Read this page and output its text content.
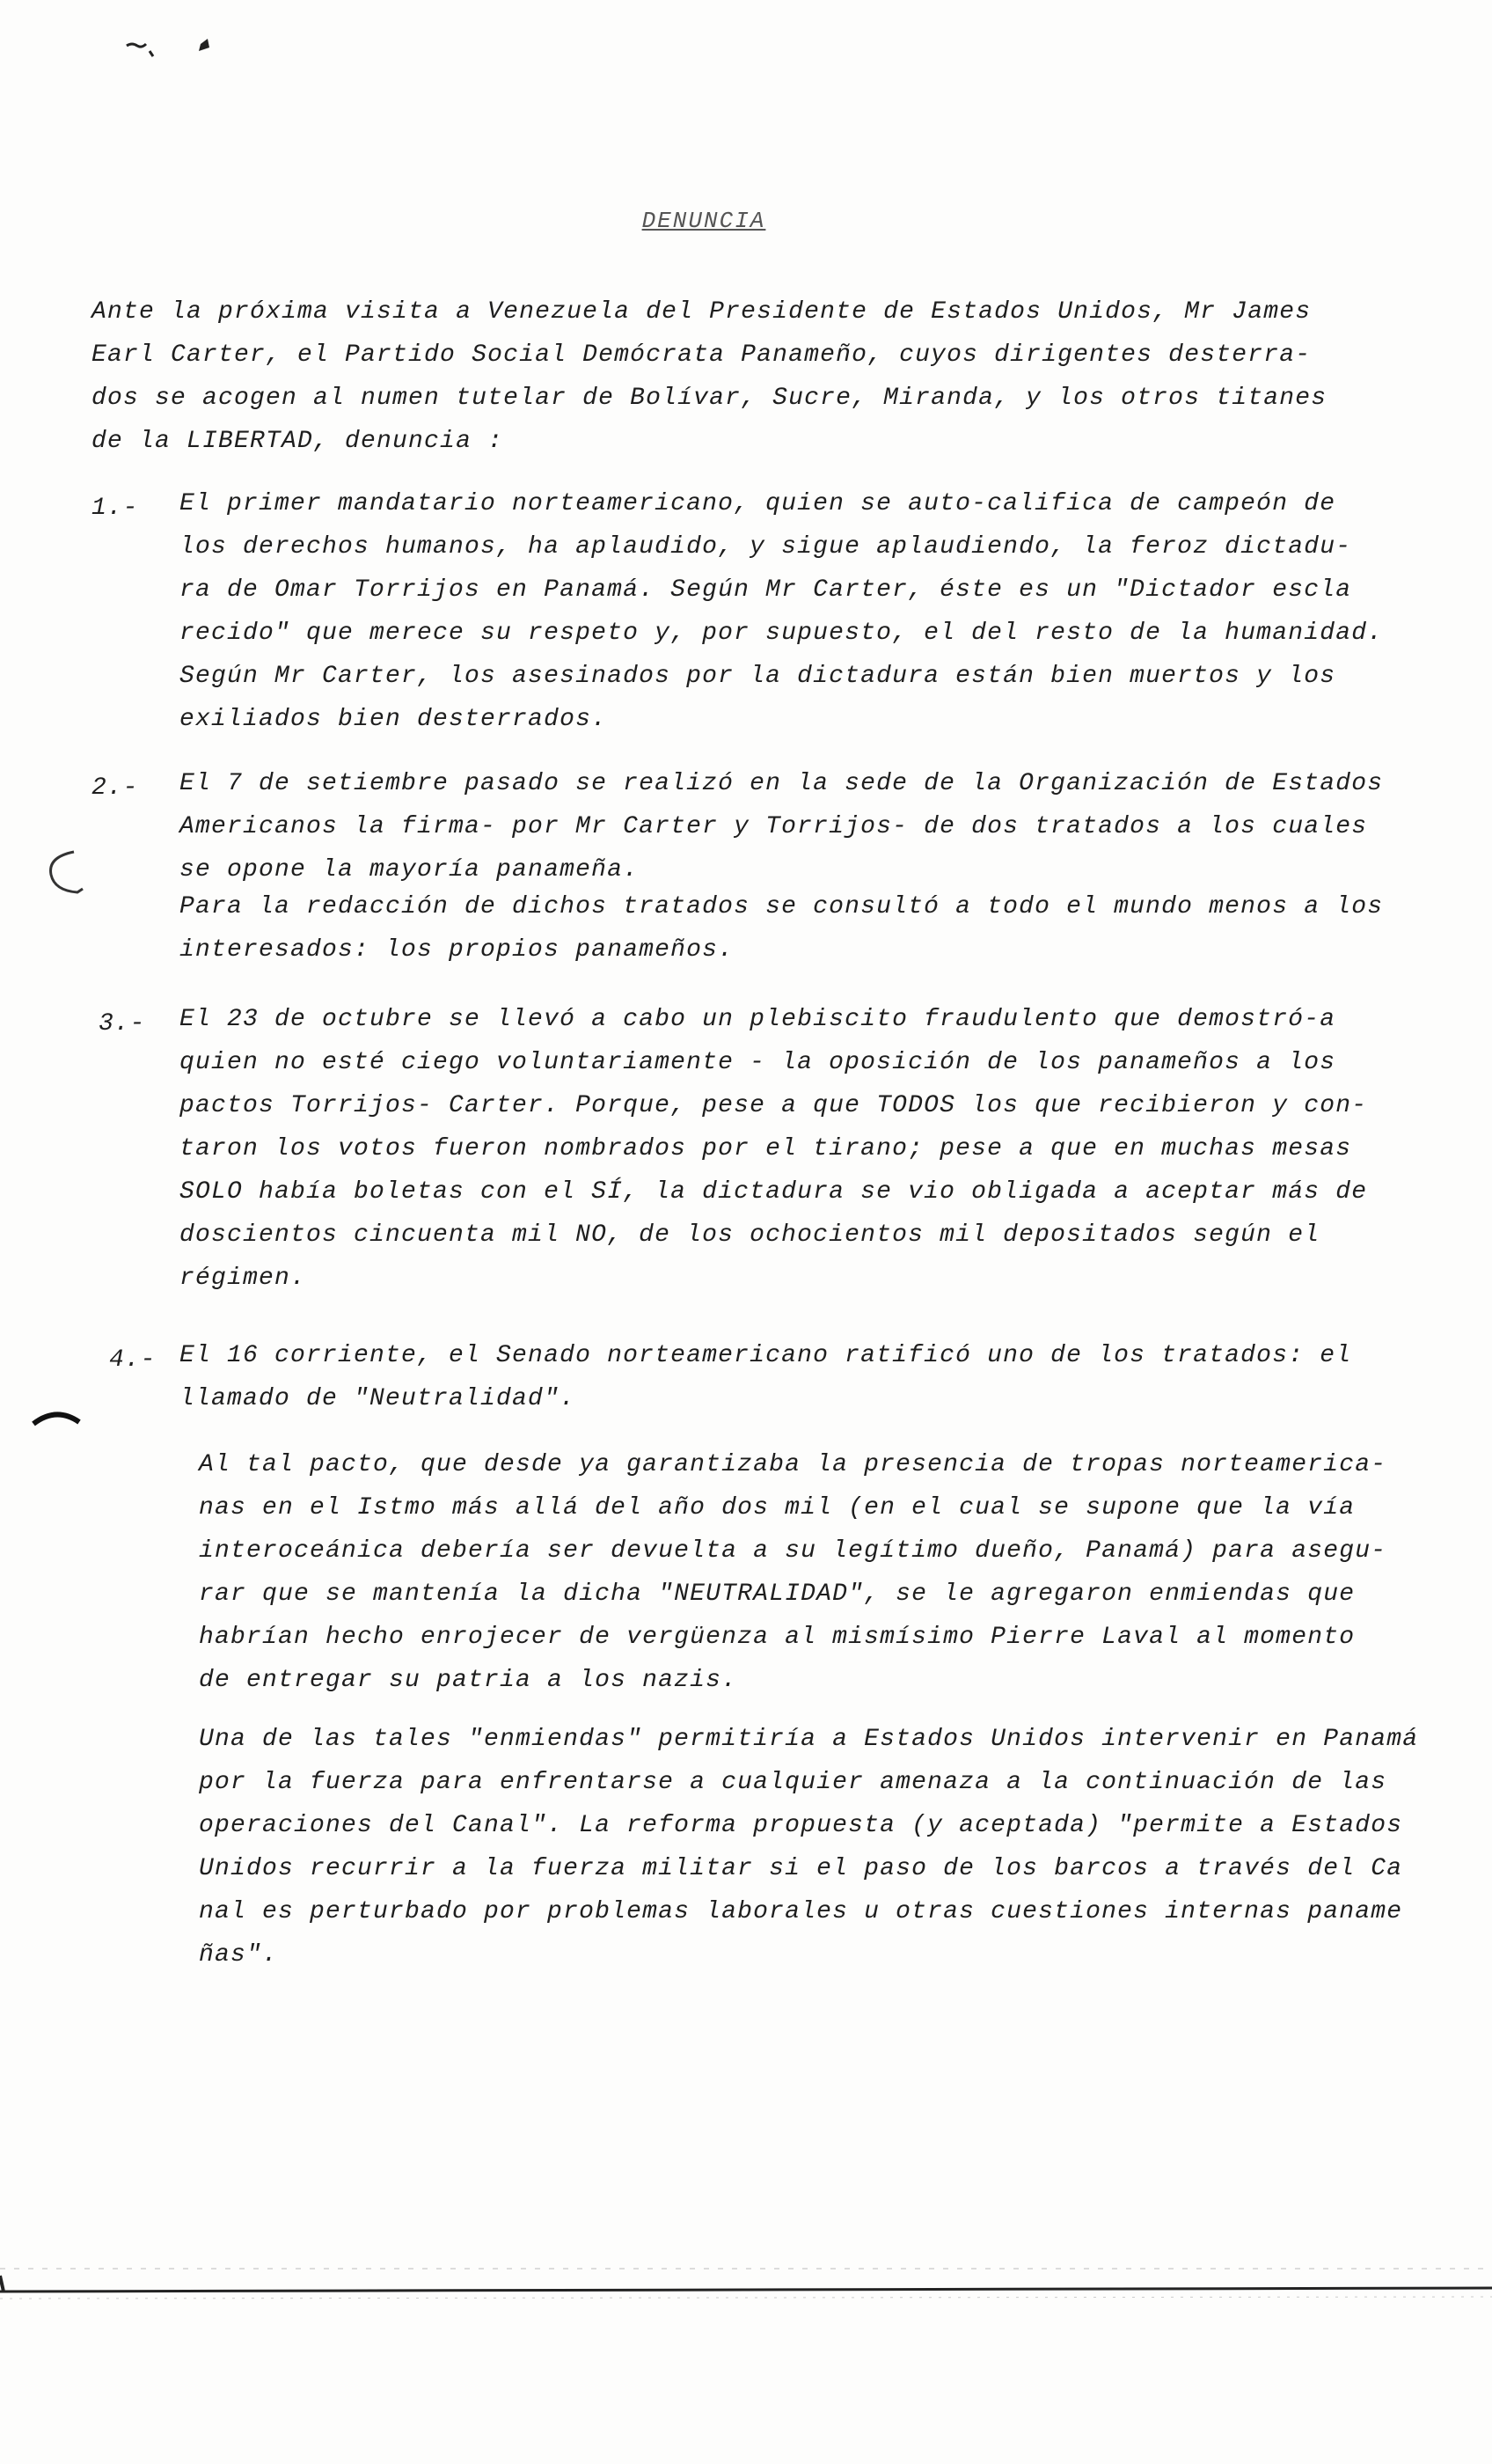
DENUNCIA
Ante la próxima visita a Venezuela del Presidente de Estados Unidos, Mr James
Earl Carter, el Partido Social Demócrata Panameño, cuyos dirigentes desterra-
dos se acogen al numen tutelar de Bolívar, Sucre, Miranda, y los otros titanes
de la LIBERTAD, denuncia :
1.- El primer mandatario norteamericano, quien se auto-califica de campeón de
los derechos humanos, ha aplaudido, y sigue aplaudiendo, la feroz dictadu-
ra de Omar Torrijos en Panamá. Según Mr Carter, éste es un "Dictador escla
recido" que merece su respeto y, por supuesto, el del resto de la humanidad.
Según Mr Carter, los asesinados por la dictadura están bien muertos y los
exiliados bien desterrados.
2.- El 7 de setiembre pasado se realizó en la sede de la Organización de Estados
Americanos la firma- por Mr Carter y Torrijos- de dos tratados a los cuales
se opone la mayoría panameña.
Para la redacción de dichos tratados se consultó a todo el mundo menos a los
interesados: los propios panameños.
3.- El 23 de octubre se llevó a cabo un plebiscito fraudulento que demostró-a
quien no esté ciego voluntariamente - la oposición de los panameños a los
pactos Torrijos- Carter. Porque, pese a que TODOS los que recibieron y con-
taron los votos fueron nombrados por el tirano; pese a que en muchas mesas
SOLO había boletas con el SÍ, la dictadura se vio obligada a aceptar más de
doscientos cincuenta mil NO, de los ochocientos mil depositados según el
régimen.
4.- El 16 corriente, el Senado norteamericano ratificó uno de los tratados: el
llamado de "Neutralidad".
Al tal pacto, que desde ya garantizaba la presencia de tropas norteamerica-
nas en el Istmo más allá del año dos mil (en el cual se supone que la vía
interoceánica debería ser devuelta a su legítimo dueño, Panamá) para asegu-
rar que se mantenía la dicha "NEUTRALIDAD", se le agregaron enmiendas que
habrían hecho enrojecer de vergüenza al mismísimo Pierre Laval al momento
de entregar su patria a los nazis.
Una de las tales "enmiendas" permitiría a Estados Unidos intervenir en Panamá
por la fuerza para enfrentarse a cualquier amenaza a la continuación de las
operaciones del Canal". La reforma propuesta (y aceptada) "permite a Estados
Unidos recurrir a la fuerza militar si el paso de los barcos a través del Ca
nal es perturbado por problemas laborales u otras cuestiones internas paname
ñas".
